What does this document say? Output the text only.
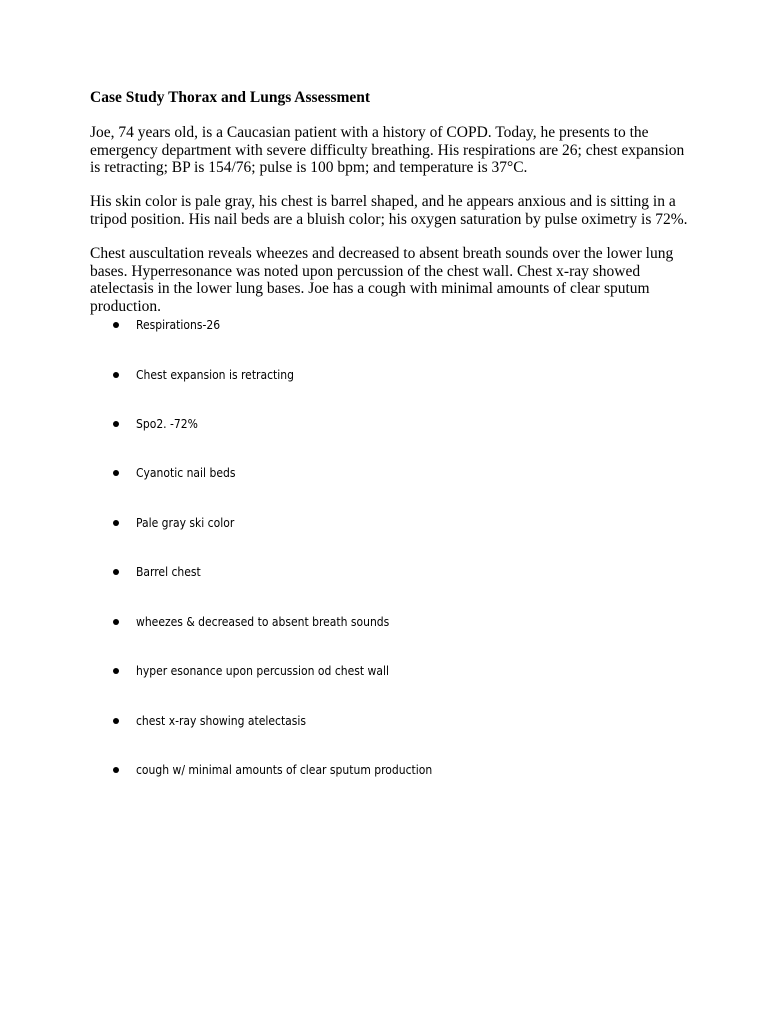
Case Study Thorax and Lungs Assessment

Joe, 74 years old, is a Caucasian patient with a history of COPD. Today, he presents to the
emergency department with severe difficulty breathing. His respirations are 26; chest expansion
is retracting; BP is 154/76; pulse is 100 bpm; and temperature is 37°C.

His skin color is pale gray, his chest is barrel shaped, and he appears anxious and is sitting in a
tripod position. His nail beds are a bluish color; his oxygen saturation by pulse oximetry is 72%.

Chest auscultation reveals wheezes and decreased to absent breath sounds over the lower lung
bases. Hyperresonance was noted upon percussion of the chest wall. Chest x-ray showed
atelectasis in the lower lung bases. Joe has a cough with minimal amounts of clear sputum
production.

Respirations-26
Chest expansion is retracting
Spo2. -72%
Cyanotic nail beds
Pale gray ski color
Barrel chest
wheezes & decreased to absent breath sounds
hyper esonance upon percussion od chest wall
chest x-ray showing atelectasis
cough w/ minimal amounts of clear sputum production
